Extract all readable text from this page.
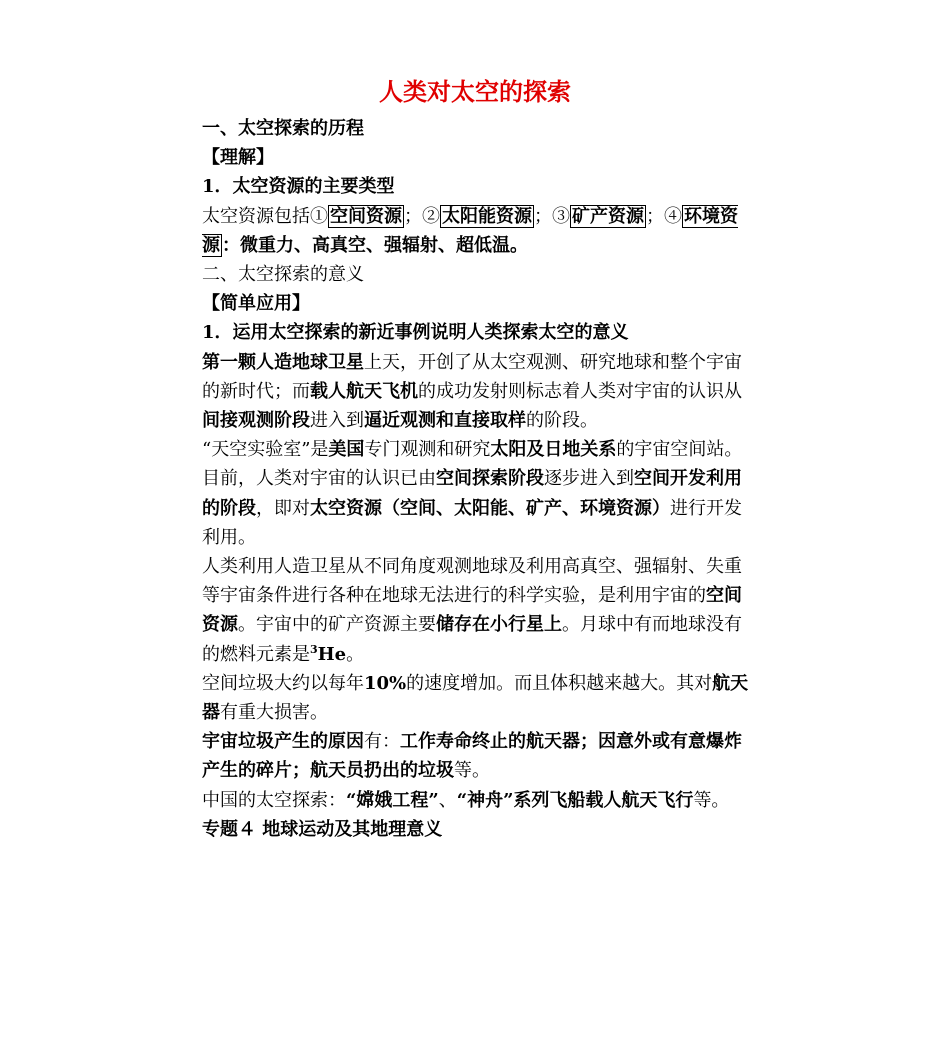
人类对太空的探索
一、太空探索的历程
【理解】
1．太空资源的主要类型

太空资源包括① 空间资源 ；② 太阳能资源 ；③ 矿产资源 ；④ 环境资源 ：微重力、高真空、强辐射、超低温。

二、太空探索的意义
【简单应用】
1．运用太空探索的新近事例说明人类探索太空的意义

第一颗人造地球卫星上天，开创了从太空观测、研究地球和整个宇宙的新时代；而载人航天飞机的成功发射则标志着人类对宇宙的认识从间接观测阶段进入到逼近观测和直接取样的阶段。

“天空实验室”是美国专门观测和研究太阳及日地关系的宇宙空间站。

目前，人类对宇宙的认识已由空间探索阶段逐步进入到空间开发利用的阶段，即对太空资源（空间、太阳能、矿产、环境资源）进行开发利用。

人类利用人造卫星从不同角度观测地球及利用高真空、强辐射、失重等宇宙条件进行各种在地球无法进行的科学实验，是利用宇宙的空间资源。宇宙中的矿产资源主要储存在小行星上。月球中有而地球没有的燃料元素是$^3$He。

空间垃圾大约以每年10%的速度增加。而且体积越来越大。其对航天器有重大损害。

宇宙垃圾产生的原因有：工作寿命终止的航天器；因意外或有意爆炸产生的碎片；航天员扔出的垃圾等。

中国的太空探索：“嫦娥工程”、“神舟”系列飞船载人航天飞行等。

专题４ 地球运动及其地理意义
